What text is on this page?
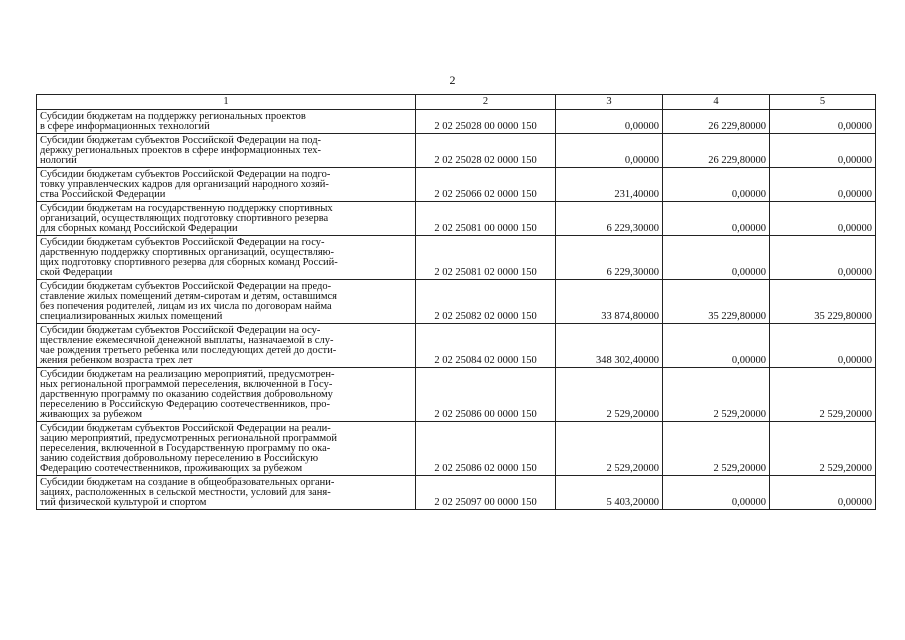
2
1	2	3	4	5

Субсидии бюджетам на поддержку региональных проектов
в сфере информационных технологий	2 02 25028 00 0000 150	0,00000	26 229,80000	0,00000

Субсидии бюджетам субъектов Российской Федерации на под-
держку региональных проектов в сфере информационных тех-
нологий	2 02 25028 02 0000 150	0,00000	26 229,80000	0,00000

Субсидии бюджетам субъектов Российской Федерации на подго-
товку управленческих кадров для организаций народного хозяй-
ства Российской Федерации	2 02 25066 02 0000 150	231,40000	0,00000	0,00000

Субсидии бюджетам на государственную поддержку спортивных
организаций, осуществляющих подготовку спортивного резерва
для сборных команд Российской Федерации	2 02 25081 00 0000 150	6 229,30000	0,00000	0,00000

Субсидии бюджетам субъектов Российской Федерации на госу-
дарственную поддержку спортивных организаций, осуществляю-
щих подготовку спортивного резерва для сборных команд Россий-
ской Федерации	2 02 25081 02 0000 150	6 229,30000	0,00000	0,00000

Субсидии бюджетам субъектов Российской Федерации на предо-
ставление жилых помещений детям-сиротам и детям, оставшимся
без попечения родителей, лицам из их числа по договорам найма
специализированных жилых помещений	2 02 25082 02 0000 150	33 874,80000	35 229,80000	35 229,80000

Субсидии бюджетам субъектов Российской Федерации на осу-
ществление ежемесячной денежной выплаты, назначаемой в слу-
чае рождения третьего ребенка или последующих детей до дости-
жения ребенком возраста трех лет	2 02 25084 02 0000 150	348 302,40000	0,00000	0,00000

Субсидии бюджетам на реализацию мероприятий, предусмотрен-
ных региональной программой переселения, включенной в Госу-
дарственную программу по оказанию содействия добровольному
переселению в Российскую Федерацию соотечественников, про-
живающих за рубежом	2 02 25086 00 0000 150	2 529,20000	2 529,20000	2 529,20000

Субсидии бюджетам субъектов Российской Федерации на реали-
зацию мероприятий, предусмотренных региональной программой
переселения, включенной в Государственную программу по ока-
занию содействия добровольному переселению в Российскую
Федерацию соотечественников, проживающих за рубежом	2 02 25086 02 0000 150	2 529,20000	2 529,20000	2 529,20000

Субсидии бюджетам на создание в общеобразовательных органи-
зациях, расположенных в сельской местности, условий для заня-
тий физической культурой и спортом	2 02 25097 00 0000 150	5 403,20000	0,00000	0,00000
